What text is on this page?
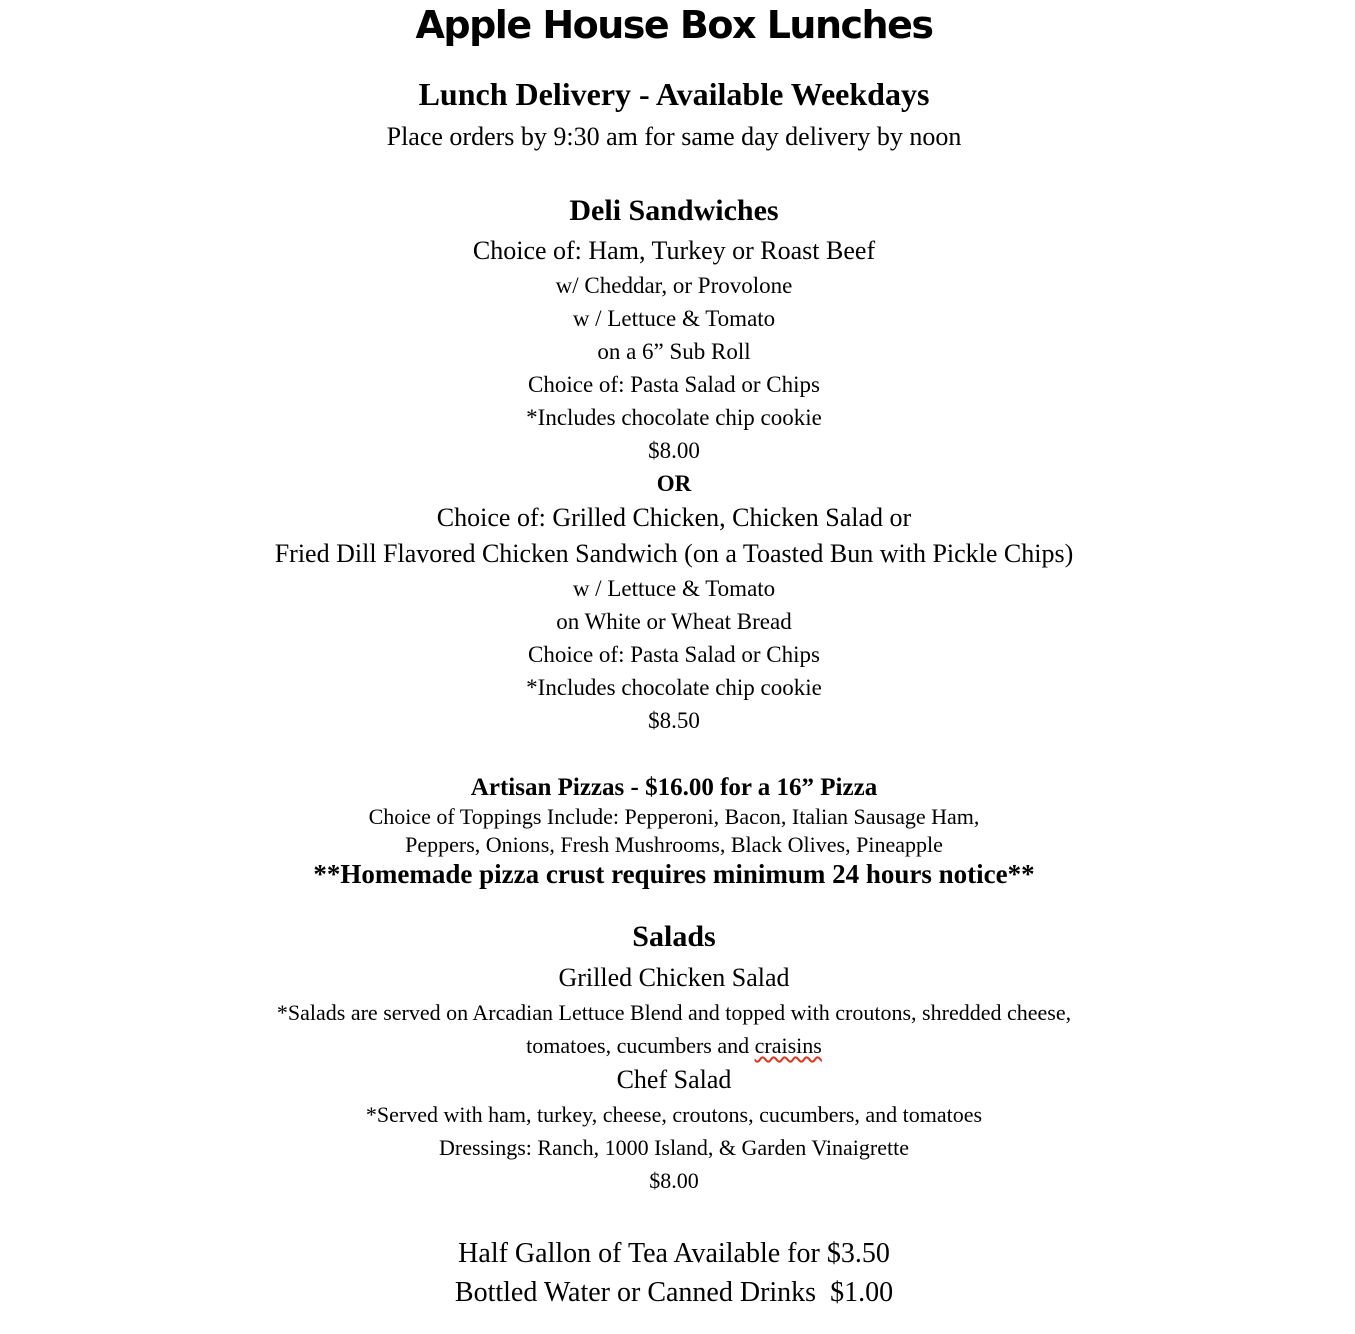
Apple House Box Lunches
Lunch Delivery - Available Weekdays
Place orders by 9:30 am for same day delivery by noon
Deli Sandwiches
Choice of: Ham, Turkey or Roast Beef
w/ Cheddar, or Provolone
w / Lettuce & Tomato
on a 6” Sub Roll
Choice of: Pasta Salad or Chips
*Includes chocolate chip cookie
$8.00
OR
Choice of: Grilled Chicken, Chicken Salad or
Fried Dill Flavored Chicken Sandwich (on a Toasted Bun with Pickle Chips)
w / Lettuce & Tomato
on White or Wheat Bread
Choice of: Pasta Salad or Chips
*Includes chocolate chip cookie
$8.50
Artisan Pizzas - $16.00 for a 16” Pizza
Choice of Toppings Include: Pepperoni, Bacon, Italian Sausage Ham,
Peppers, Onions, Fresh Mushrooms, Black Olives, Pineapple
**Homemade pizza crust requires minimum 24 hours notice**
Salads
Grilled Chicken Salad
*Salads are served on Arcadian Lettuce Blend and topped with croutons, shredded cheese,
tomatoes, cucumbers and craisins
Chef Salad
*Served with ham, turkey, cheese, croutons, cucumbers, and tomatoes
Dressings: Ranch, 1000 Island, & Garden Vinaigrette
$8.00
Half Gallon of Tea Available for $3.50
Bottled Water or Canned Drinks  $1.00
